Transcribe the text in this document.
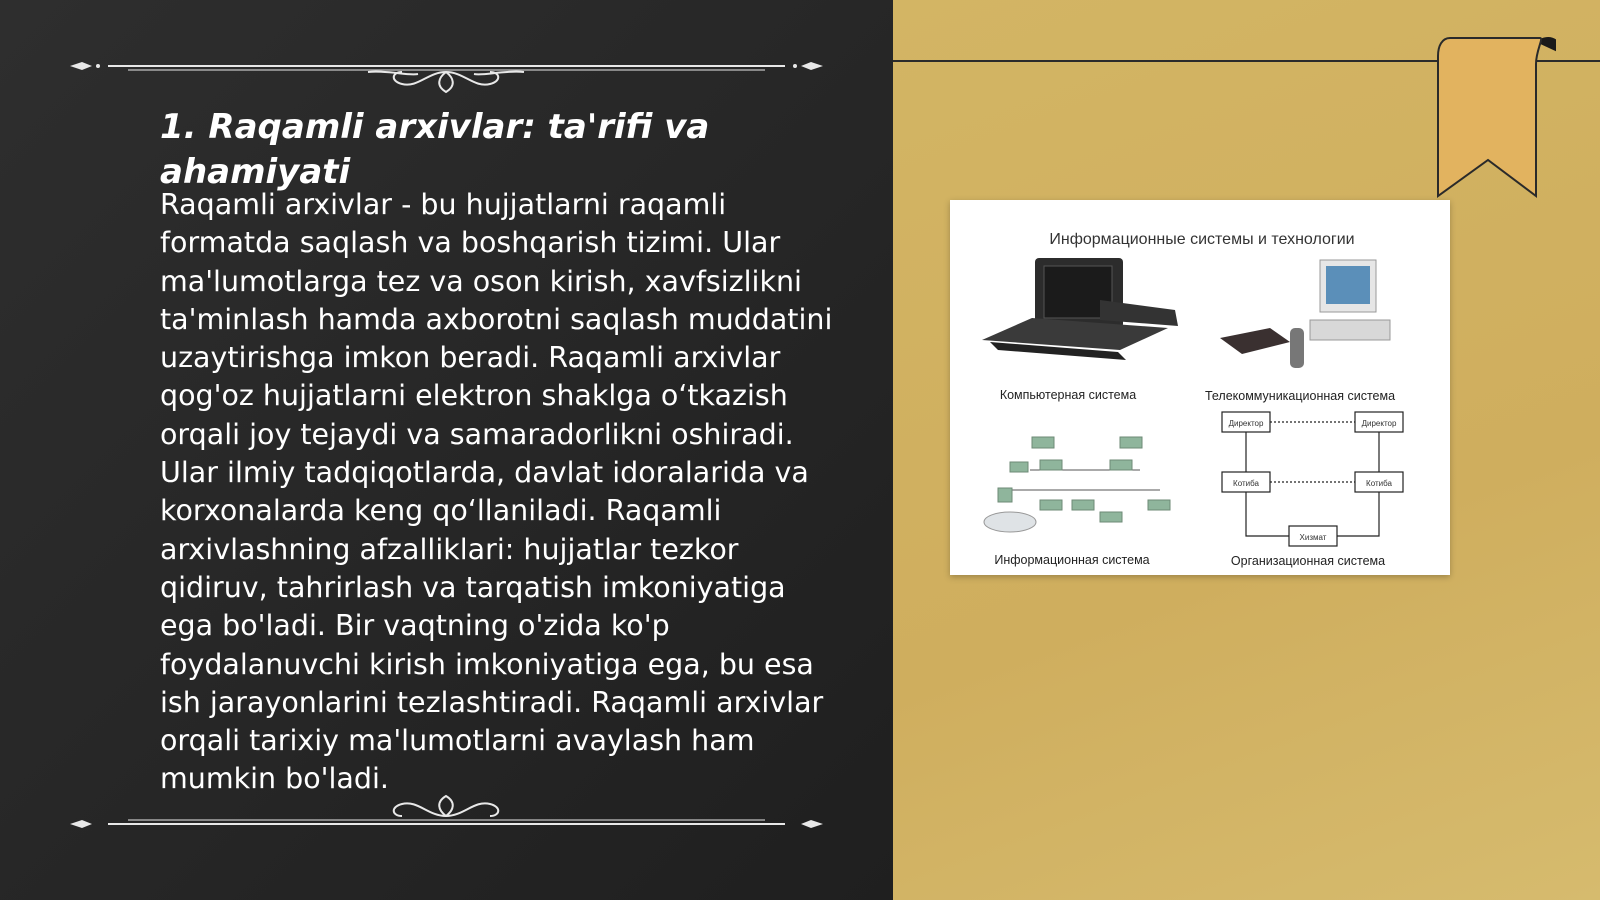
1. Raqamli arxivlar: ta'rifi va ahamiyati

Raqamli arxivlar - bu hujjatlarni raqamli formatda saqlash va boshqarish tizimi. Ular ma'lumotlarga tez va oson kirish, xavfsizlikni ta'minlash hamda axborotni saqlash muddatini uzaytirishga imkon beradi. Raqamli arxivlar qog'oz hujjatlarni elektron shaklga o‘tkazish orqali joy tejaydi va samaradorlikni oshiradi. Ular ilmiy tadqiqotlarda, davlat idoralarida va korxonalarda keng qo‘llaniladi. Raqamli arxivlashning afzalliklari: hujjatlar tezkor qidiruv, tahrirlash va tarqatish imkoniyatiga ega bo'ladi. Bir vaqtning o'zida ko'p foydalanuvchi kirish imkoniyatiga ega, bu esa ish jarayonlarini tezlashtiradi. Raqamli arxivlar orqali tarixiy ma'lumotlarni avaylash ham mumkin bo'ladi.

Информационные системы и технологии
Компьютерная система	Телекоммуникационная система
Информационная система
Директор	Директор
Котиба	Котиба
Хизмат
Организационная система
